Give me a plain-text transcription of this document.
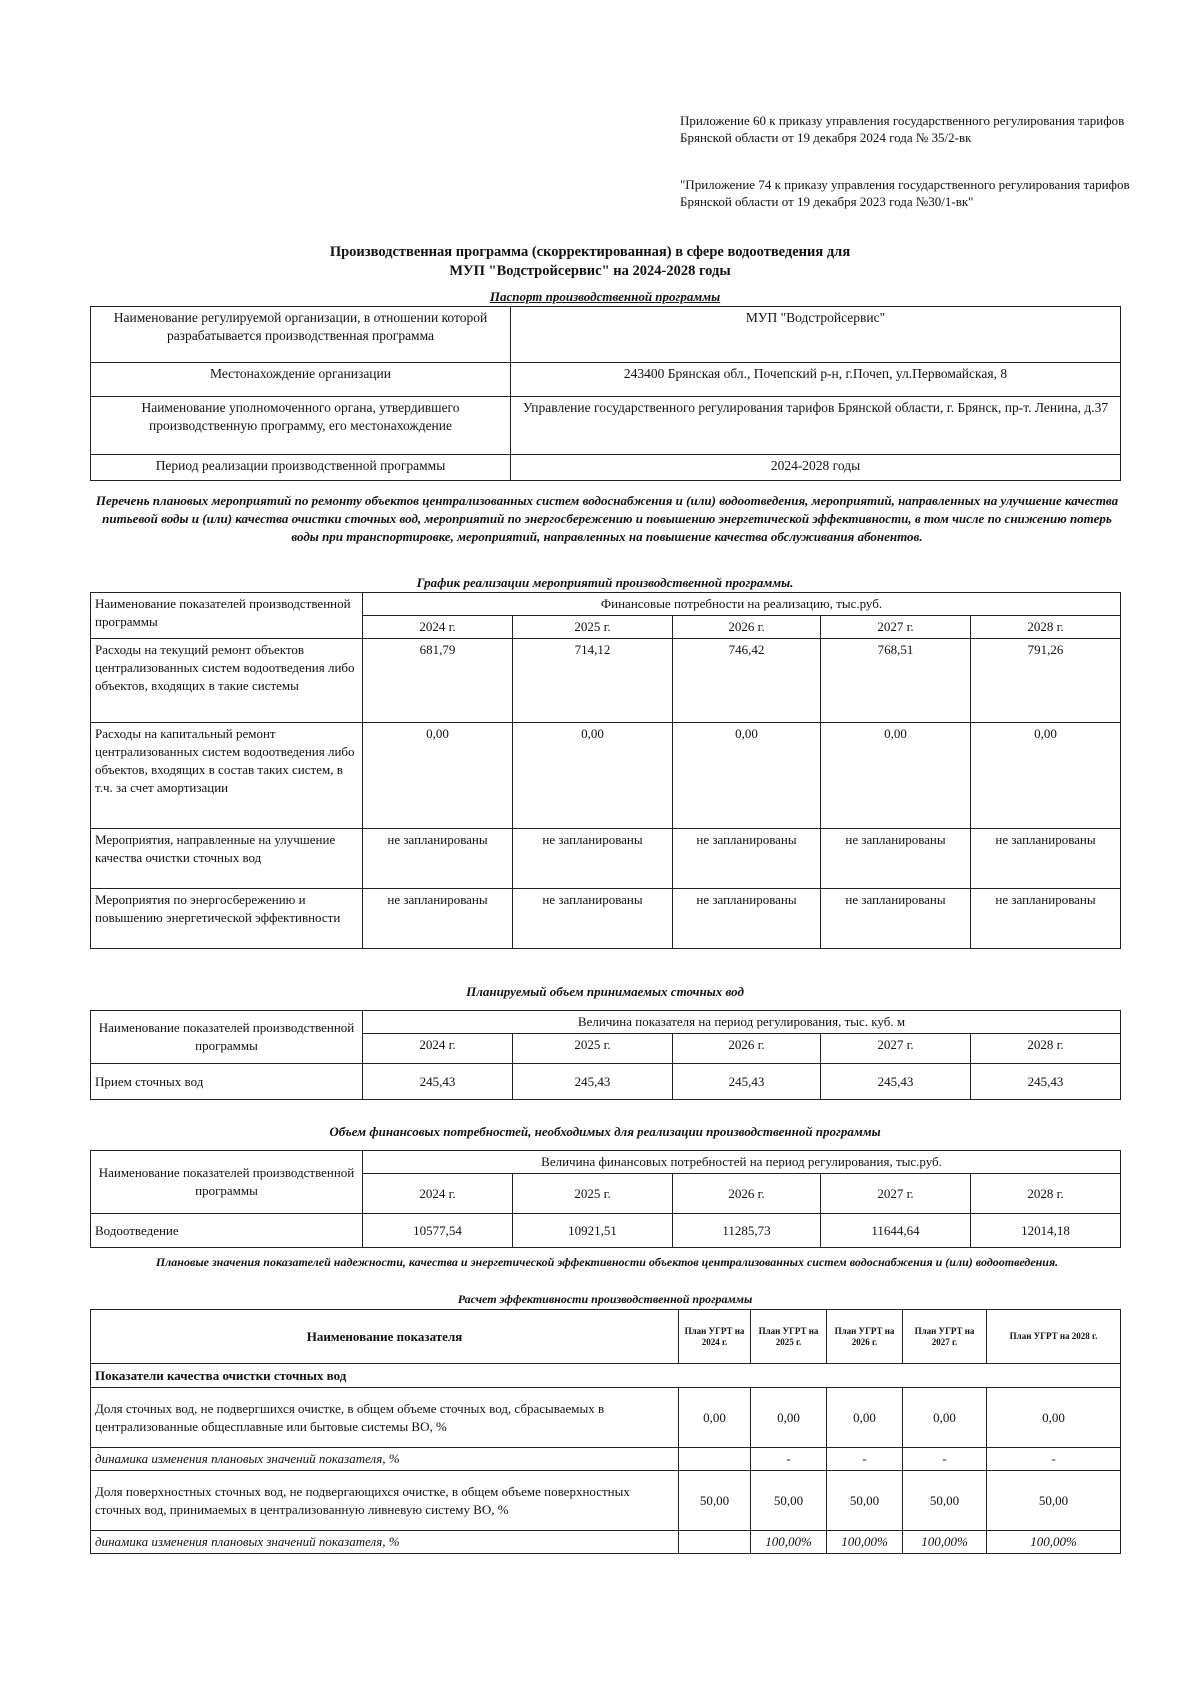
Приложение 60 к приказу управления государственного регулирования тарифов Брянской области от 19 декабря 2024 года № 35/2-вк
"Приложение 74 к приказу управления государственного регулирования тарифов Брянской области от 19 декабря 2023 года №30/1-вк"
Производственная программа (скорректированная) в сфере водоотведения для
МУП "Водстройсервис" на 2024-2028 годы
Паспорт производственной программы
Наименование регулируемой организации, в отношении которой разрабатывается производственная программа	МУП "Водстройсервис"
Местонахождение организации	243400 Брянская обл., Почепский р-н, г.Почеп, ул.Первомайская, 8
Наименование уполномоченного органа, утвердившего производственную программу, его местонахождение	Управление государственного регулирования тарифов Брянской области, г. Брянск, пр-т. Ленина, д.37
Период реализации производственной программы	2024-2028 годы
Перечень плановых мероприятий по ремонту объектов централизованных систем водоснабжения и (или) водоотведения, мероприятий, направленных на улучшение качества питьевой воды и (или) качества очистки сточных вод, мероприятий по энергосбережению и повышению энергетической эффективности, в том числе по снижению потерь воды при транспортировке, мероприятий, направленных на повышение качества обслуживания абонентов.
График реализации мероприятий производственной программы.
Наименование показателей производственной программы	Финансовые потребности на реализацию, тыс.руб.				
	2024 г.	2025 г.	2026 г.	2027 г.	2028 г.
Расходы на текущий ремонт объектов централизованных систем водоотведения либо объектов, входящих в такие системы	681,79	714,12	746,42	768,51	791,26
Расходы на капитальный ремонт централизованных систем водоотведения либо объектов, входящих в состав таких систем, в т.ч. за счет амортизации	0,00	0,00	0,00	0,00	0,00
Мероприятия, направленные на улучшение качества очистки сточных вод	не запланированы	не запланированы	не запланированы	не запланированы	не запланированы
Мероприятия по энергосбережению и повышению энергетической эффективности	не запланированы	не запланированы	не запланированы	не запланированы	не запланированы
Планируемый объем принимаемых сточных вод
Наименование показателей производственной программы	Величина показателя на период регулирования, тыс. куб. м				
	2024 г.	2025 г.	2026 г.	2027 г.	2028 г.
Прием сточных вод	245,43	245,43	245,43	245,43	245,43
Объем финансовых потребностей, необходимых для реализации производственной программы
Наименование показателей производственной программы	Величина финансовых потребностей на период регулирования, тыс.руб.				
	2024 г.	2025 г.	2026 г.	2027 г.	2028 г.
Водоотведение	10577,54	10921,51	11285,73	11644,64	12014,18
Плановые значения показателей надежности, качества и энергетической эффективности объектов централизованных систем водоснабжения и (или) водоотведения.
Расчет эффективности производственной программы
Наименование показателя	План УГРТ на 2024 г.	План УГРТ на 2025 г.	План УГРТ на 2026 г.	План УГРТ на 2027 г.	План УГРТ на 2028 г.
Показатели качества очистки сточных вод					
Доля сточных вод, не подвергшихся очистке, в общем объеме сточных вод, сбрасываемых в централизованные общесплавные или бытовые системы ВО, %	0,00	0,00	0,00	0,00	0,00
динамика изменения плановых значений показателя, %		-	-	-	-
Доля поверхностных сточных вод, не подвергающихся очистке, в общем объеме поверхностных сточных вод, принимаемых в централизованную ливневую систему ВО, %	50,00	50,00	50,00	50,00	50,00
динамика изменения плановых значений показателя, %		100,00%	100,00%	100,00%	100,00%
